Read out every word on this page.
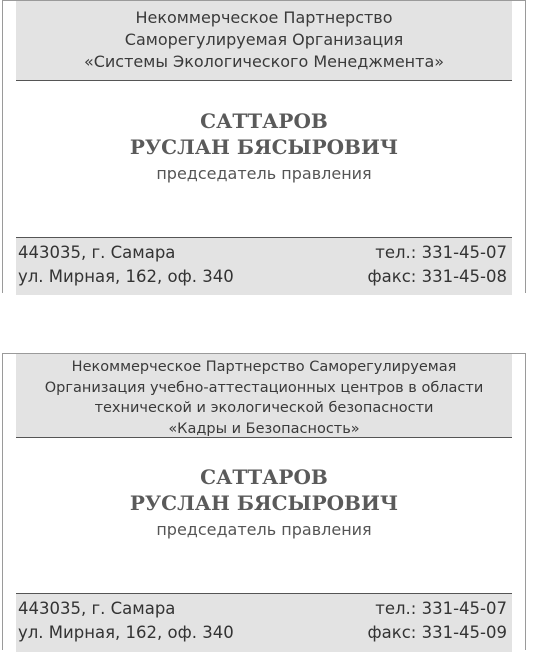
Некоммерческое Партнерство
Саморегулируемая Организация
«Системы Экологического Менеджмента»
САТТАРОВ
РУСЛАН БЯСЫРОВИЧ
председатель правления
443035, г. Самара
ул. Мирная, 162, оф. 340
тел.: 331-45-07
факс: 331-45-08
Некоммерческое Партнерство Саморегулируемая
Организация учебно-аттестационных центров в области
технической и экологической безопасности
«Кадры и Безопасность»
САТТАРОВ
РУСЛАН БЯСЫРОВИЧ
председатель правления
443035, г. Самара
ул. Мирная, 162, оф. 340
тел.: 331-45-07
факс: 331-45-09
